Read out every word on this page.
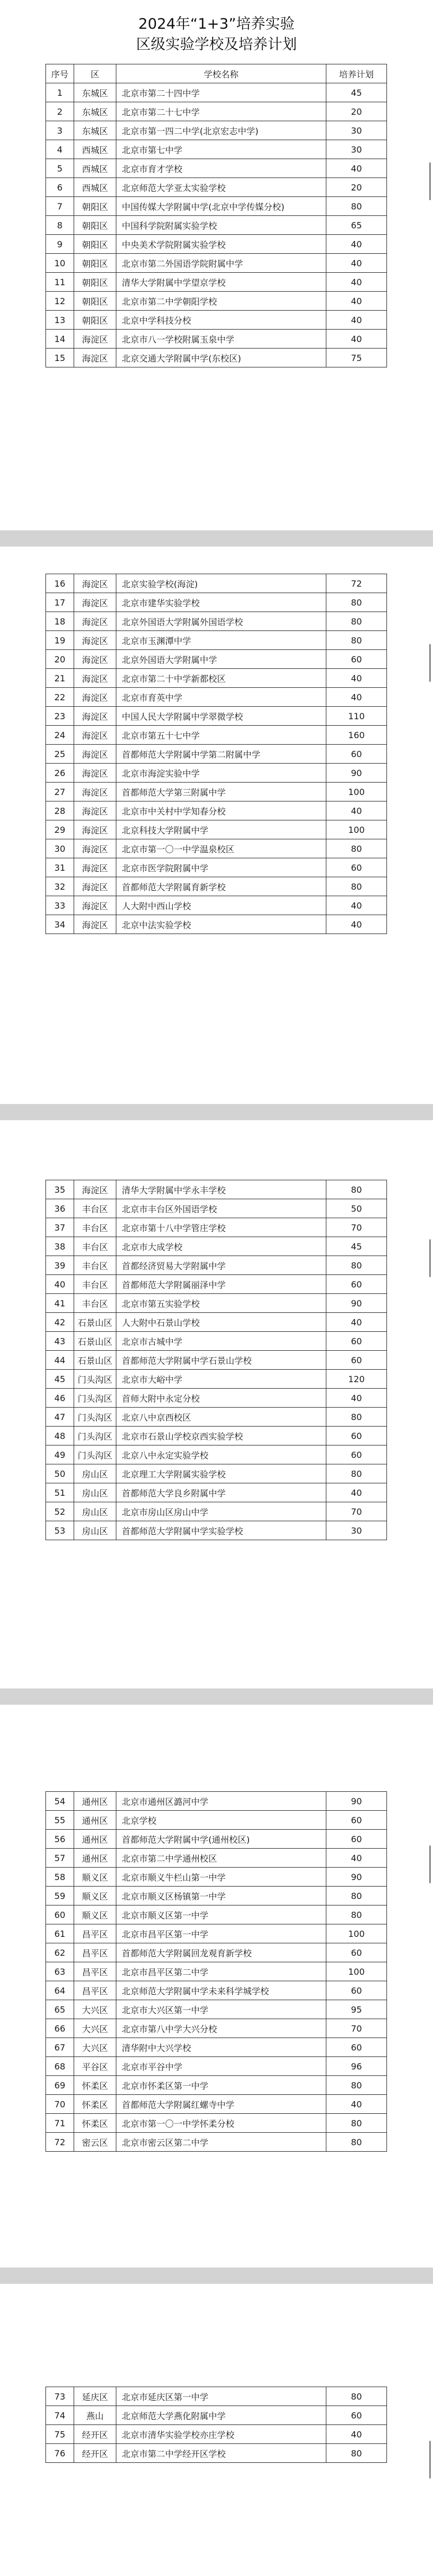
2024年“1+3”培养实验
区级实验学校及培养计划
序号	区	学校名称	培养计划
1	东城区	北京市第二十四中学	45
2	东城区	北京市第二十七中学	20
3	东城区	北京市第一四二中学(北京宏志中学)	30
4	西城区	北京市第七中学	30
5	西城区	北京市育才学校	40
6	西城区	北京师范大学亚太实验学校	20
7	朝阳区	中国传媒大学附属中学(北京中学传媒分校)	80
8	朝阳区	中国科学院附属实验学校	65
9	朝阳区	中央美术学院附属实验学校	40
10	朝阳区	北京市第二外国语学院附属中学	40
11	朝阳区	清华大学附属中学望京学校	40
12	朝阳区	北京市第二中学朝阳学校	40
13	朝阳区	北京中学科技分校	40
14	海淀区	北京市八一学校附属玉泉中学	40
15	海淀区	北京交通大学附属中学(东校区)	75
16	海淀区	北京实验学校(海淀)	72
17	海淀区	北京市建华实验学校	80
18	海淀区	北京外国语大学附属外国语学校	80
19	海淀区	北京市玉渊潭中学	80
20	海淀区	北京外国语大学附属中学	60
21	海淀区	北京市第二十中学新都校区	40
22	海淀区	北京市育英中学	40
23	海淀区	中国人民大学附属中学翠微学校	110
24	海淀区	北京市第五十七中学	160
25	海淀区	首都师范大学附属中学第二附属中学	60
26	海淀区	北京市海淀实验中学	90
27	海淀区	首都师范大学第三附属中学	100
28	海淀区	北京市中关村中学知春分校	40
29	海淀区	北京科技大学附属中学	100
30	海淀区	北京市第一〇一中学温泉校区	80
31	海淀区	北京市医学院附属中学	60
32	海淀区	首都师范大学附属育新学校	80
33	海淀区	人大附中西山学校	40
34	海淀区	北京中法实验学校	40
35	海淀区	清华大学附属中学永丰学校	80
36	丰台区	北京市丰台区外国语学校	50
37	丰台区	北京市第十八中学管庄学校	70
38	丰台区	北京市大成学校	45
39	丰台区	首都经济贸易大学附属中学	80
40	丰台区	首都师范大学附属丽泽中学	60
41	丰台区	北京市第五实验学校	90
42	石景山区	人大附中石景山学校	40
43	石景山区	北京市古城中学	60
44	石景山区	首都师范大学附属中学石景山学校	60
45	门头沟区	北京市大峪中学	120
46	门头沟区	首师大附中永定分校	40
47	门头沟区	北京八中京西校区	80
48	门头沟区	北京市石景山学校京西实验学校	60
49	门头沟区	北京八中永定实验学校	60
50	房山区	北京理工大学附属实验学校	80
51	房山区	首都师范大学良乡附属中学	40
52	房山区	北京市房山区房山中学	70
53	房山区	首都师范大学附属中学实验学校	30
54	通州区	北京市通州区潞河中学	90
55	通州区	北京学校	60
56	通州区	首都师范大学附属中学(通州校区)	60
57	通州区	北京市第二中学通州校区	40
58	顺义区	北京市顺义牛栏山第一中学	90
59	顺义区	北京市顺义区杨镇第一中学	80
60	顺义区	北京市顺义区第一中学	80
61	昌平区	北京市昌平区第一中学	100
62	昌平区	首都师范大学附属回龙观育新学校	60
63	昌平区	北京市昌平区第二中学	100
64	昌平区	北京师范大学附属中学未来科学城学校	60
65	大兴区	北京市大兴区第一中学	95
66	大兴区	北京市第八中学大兴分校	70
67	大兴区	清华附中大兴学校	60
68	平谷区	北京市平谷中学	96
69	怀柔区	北京市怀柔区第一中学	80
70	怀柔区	首都师范大学附属红螺寺中学	40
71	怀柔区	北京市第一〇一中学怀柔分校	80
72	密云区	北京市密云区第二中学	80
73	延庆区	北京市延庆区第一中学	80
74	燕山	北京师范大学燕化附属中学	60
75	经开区	北京市清华实验学校亦庄学校	40
76	经开区	北京市第二中学经开区学校	80
